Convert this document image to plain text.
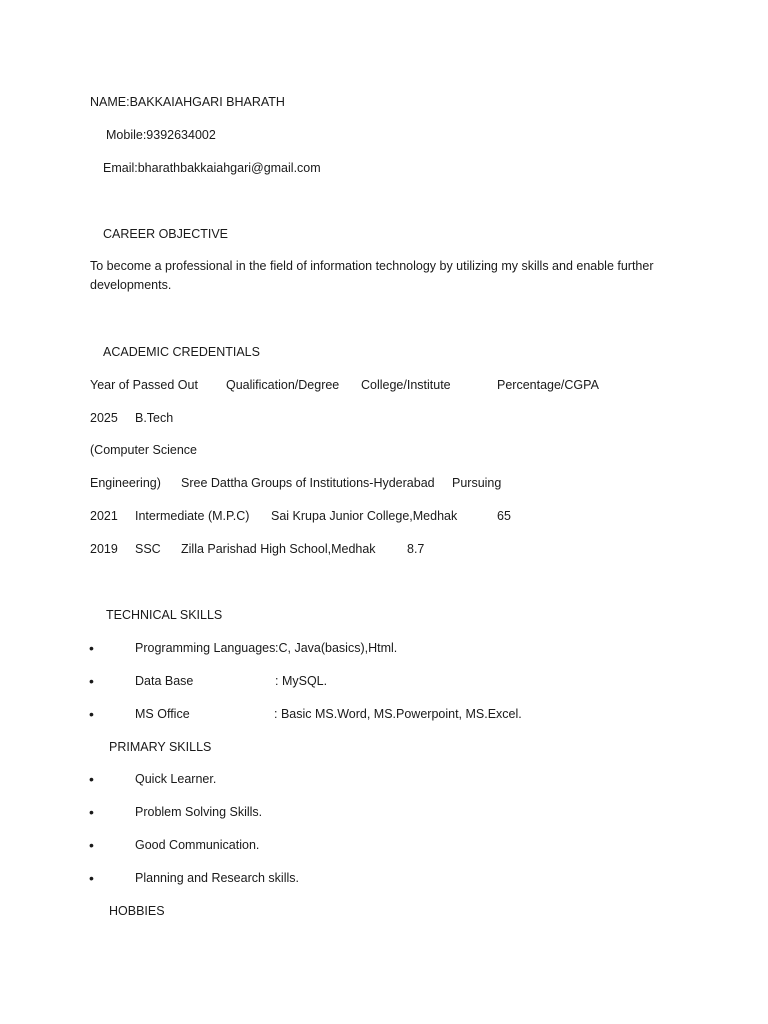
NAME:BAKKAIAHGARI BHARATH
Mobile:9392634002
Email:bharathbakkaiahgari@gmail.com
CAREER OBJECTIVE
To become a professional in the field of information technology by utilizing my skills and enable further developments.
ACADEMIC CREDENTIALS
Year of Passed Out Qualification/Degree College/Institute	Percentage/CGPA
2025 B.Tech
(Computer Science
Engineering) Sree Dattha Groups of Institutions-Hyderabad Pursuing
2021 Intermediate (M.P.C) Sai Krupa Junior College,Medhak	65
2019 SSC Zilla Parishad High School,Medhak	8.7
TECHNICAL SKILLS
•	Programming Languages :C, Java(basics),Html.
•	Data Base	: MySQL.
•	MS Office	: Basic MS.Word, MS.Powerpoint, MS.Excel.
PRIMARY SKILLS
•	Quick Learner.
•	Problem Solving Skills.
•	Good Communication.
•	Planning and Research skills.
HOBBIES
